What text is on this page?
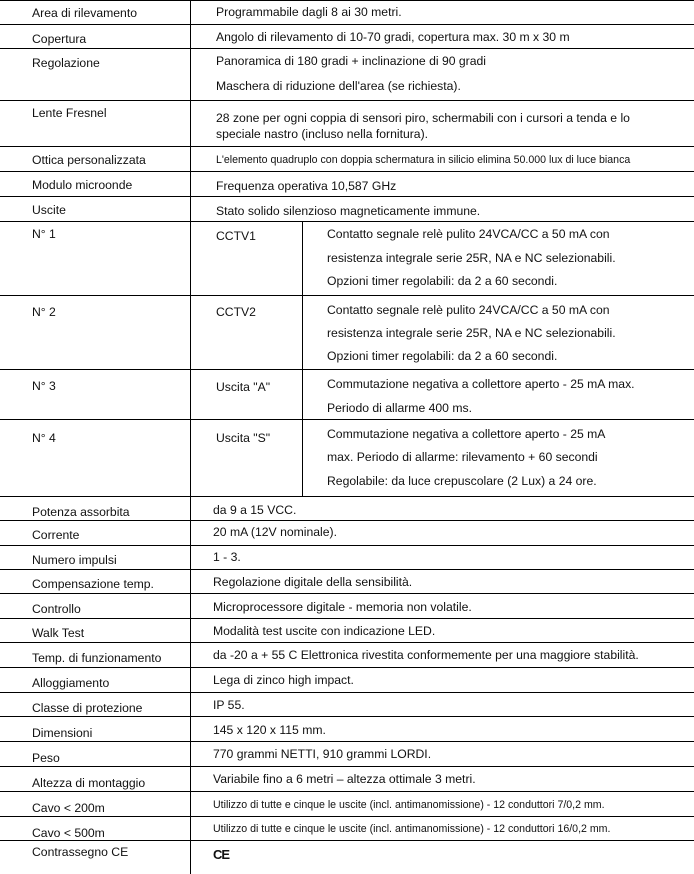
Area di rilevamento	Programmabile dagli 8 ai 30 metri.
Copertura	Angolo di rilevamento di 10-70 gradi, copertura max. 30 m x 30 m
Regolazione	Panoramica di 180 gradi + inclinazione di 90 gradi
Maschera di riduzione dell'area (se richiesta).
Lente Fresnel	28 zone per ogni coppia di sensori piro, schermabili con i cursori a tenda e lo
speciale nastro (incluso nella fornitura).
Ottica personalizzata	L'elemento quadruplo con doppia schermatura in silicio elimina 50.000 lux di luce bianca
Modulo microonde	Frequenza operativa 10,587 GHz
Uscite	Stato solido silenzioso magneticamente immune.
N° 1	CCTV1	Contatto segnale relè pulito 24VCA/CC a 50 mA con
resistenza integrale serie 25R, NA e NC selezionabili.
Opzioni timer regolabili: da 2 a 60 secondi.
N° 2	CCTV2	Contatto segnale relè pulito 24VCA/CC a 50 mA con
resistenza integrale serie 25R, NA e NC selezionabili.
Opzioni timer regolabili: da 2 a 60 secondi.
N° 3	Uscita "A"	Commutazione negativa a collettore aperto - 25 mA max.
Periodo di allarme 400 ms.
N° 4	Uscita "S"	Commutazione negativa a collettore aperto - 25 mA
max. Periodo di allarme: rilevamento + 60 secondi
Regolabile: da luce crepuscolare (2 Lux) a 24 ore.
Potenza assorbita	da 9 a 15 VCC.
Corrente	20 mA (12V nominale).
Numero impulsi	1 - 3.
Compensazione temp.	Regolazione digitale della sensibilità.
Controllo	Microprocessore digitale - memoria non volatile.
Walk Test	Modalità test uscite con indicazione LED.
Temp. di funzionamento	da -20 a + 55 C Elettronica rivestita conformemente per una maggiore stabilità.
Alloggiamento	Lega di zinco high impact.
Classe di protezione	IP 55.
Dimensioni	145 x 120 x 115 mm.
Peso	770 grammi NETTI, 910 grammi LORDI.
Altezza di montaggio	Variabile fino a 6 metri – altezza ottimale 3 metri.
Cavo < 200m	Utilizzo di tutte e cinque le uscite (incl. antimanomissione) - 12 conduttori 7/0,2 mm.
Cavo < 500m	Utilizzo di tutte e cinque le uscite (incl. antimanomissione) - 12 conduttori 16/0,2 mm.
Contrassegno CE	CE
